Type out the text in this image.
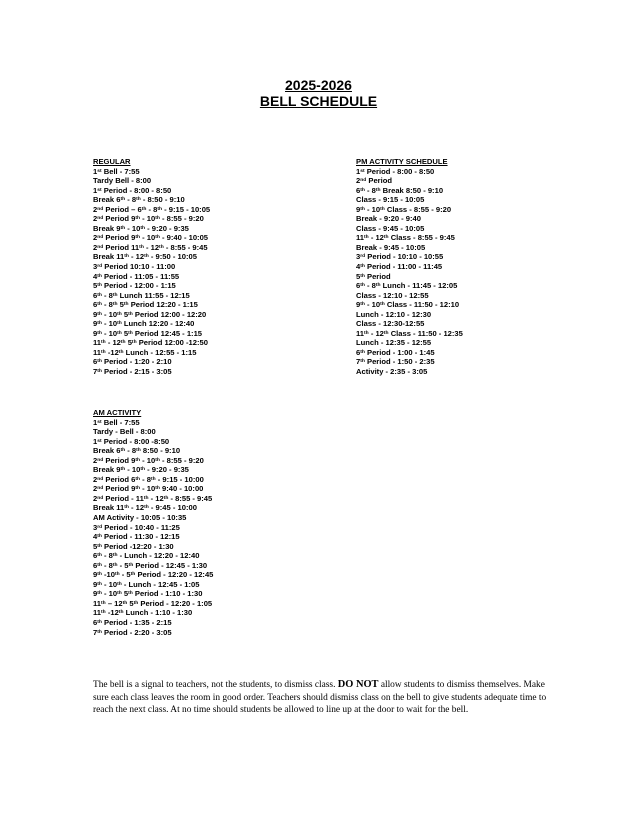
2025-2026
BELL SCHEDULE
REGULAR
1st Bell - 7:55
Tardy Bell - 8:00
1st Period - 8:00 - 8:50
Break 6th - 8th - 8:50 - 9:10
2nd Period – 6th - 8th - 9:15 - 10:05
2nd Period 9th - 10th - 8:55 - 9:20
Break 9th - 10th - 9:20 - 9:35
2nd Period 9th - 10th - 9:40 - 10:05
2nd Period 11th - 12th - 8:55 - 9:45
Break 11th - 12th - 9:50 - 10:05
3rd Period 10:10 - 11:00
4th Period - 11:05 - 11:55
5th Period - 12:00 - 1:15
6th - 8th Lunch 11:55 - 12:15
6th - 8th 5th Period 12:20 - 1:15
9th - 10th 5th Period 12:00 - 12:20
9th - 10th Lunch 12:20 - 12:40
9th - 10th 5th Period 12:45 - 1:15
11th - 12th 5th Period 12:00 -12:50
11th -12th Lunch - 12:55 - 1:15
6th Period - 1:20 - 2:10
7th Period - 2:15 - 3:05
PM ACTIVITY SCHEDULE
1st Period - 8:00 - 8:50
2nd Period
6th - 8th Break 8:50 - 9:10
Class - 9:15 - 10:05
9th - 10th Class - 8:55 - 9:20
Break - 9:20 - 9:40
Class - 9:45 - 10:05
11th - 12th Class - 8:55 - 9:45
Break - 9:45 - 10:05
3rd Period - 10:10 - 10:55
4th Period - 11:00 - 11:45
5th Period
6th - 8th Lunch - 11:45 - 12:05
Class - 12:10 - 12:55
9th - 10th Class - 11:50 - 12:10
Lunch - 12:10 - 12:30
Class - 12:30-12:55
11th - 12th Class - 11:50 - 12:35
Lunch - 12:35 - 12:55
6th Period - 1:00 - 1:45
7th Period - 1:50 - 2:35
Activity - 2:35 - 3:05
AM ACTIVITY
1st Bell - 7:55
Tardy - Bell - 8:00
1st Period - 8:00 -8:50
Break 6th - 8th 8:50 - 9:10
2nd Period 9th - 10th - 8:55 - 9:20
Break 9th - 10th - 9:20 - 9:35
2nd Period 6th - 8th - 9:15 - 10:00
2nd Period 9th - 10th 9:40 - 10:00
2nd Period - 11th - 12th - 8:55 - 9:45
Break 11th - 12th - 9:45 - 10:00
AM Activity - 10:05 - 10:35
3rd Period - 10:40 - 11:25
4th Period - 11:30 - 12:15
5th Period -12:20 - 1:30
6th - 8th - Lunch - 12:20 - 12:40
6th - 8th - 5th Period - 12:45 - 1:30
9th -10th - 5th Period - 12:20 - 12:45
9th - 10th - Lunch - 12:45 - 1:05
9th - 10th 5th Period - 1:10 - 1:30
11th – 12th 5th Period - 12:20 - 1:05
11th -12th Lunch - 1:10 - 1:30
6th Period - 1:35 - 2:15
7th Period - 2:20 - 3:05
The bell is a signal to teachers, not the students, to dismiss class. DO NOT allow students to dismiss themselves. Make sure each class leaves the room in good order. Teachers should dismiss class on the bell to give students adequate time to reach the next class. At no time should students be allowed to line up at the door to wait for the bell.
